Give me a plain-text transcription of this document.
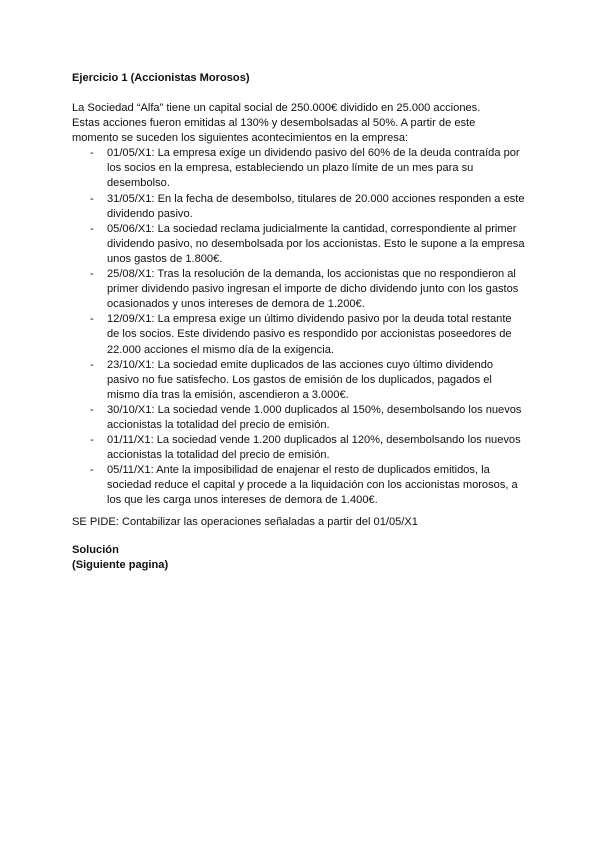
Ejercicio 1 (Accionistas Morosos)

La Sociedad “Alfa” tiene un capital social de 250.000€ dividido en 25.000 acciones.
Estas acciones fueron emitidas al 130% y desembolsadas al 50%. A partir de este
momento se suceden los siguientes acontecimientos en la empresa:

- 01/05/X1: La empresa exige un dividendo pasivo del 60% de la deuda contraída por
los socios en la empresa, estableciendo un plazo límite de un mes para su
desembolso.
- 31/05/X1: En la fecha de desembolso, titulares de 20.000 acciones responden a este
dividendo pasivo.
- 05/06/X1: La sociedad reclama judicialmente la cantidad, correspondiente al primer
dividendo pasivo, no desembolsada por los accionistas. Esto le supone a la empresa
unos gastos de 1.800€.
- 25/08/X1: Tras la resolución de la demanda, los accionistas que no respondieron al
primer dividendo pasivo ingresan el importe de dicho dividendo junto con los gastos
ocasionados y unos intereses de demora de 1.200€.
- 12/09/X1: La empresa exige un último dividendo pasivo por la deuda total restante
de los socios. Este dividendo pasivo es respondido por accionistas poseedores de
22.000 acciones el mismo día de la exigencia.
- 23/10/X1: La sociedad emite duplicados de las acciones cuyo último dividendo
pasivo no fue satisfecho. Los gastos de emisión de los duplicados, pagados el
mismo día tras la emisión, ascendieron a 3.000€.
- 30/10/X1: La sociedad vende 1.000 duplicados al 150%, desembolsando los nuevos
accionistas la totalidad del precio de emisión.
- 01/11/X1: La sociedad vende 1.200 duplicados al 120%, desembolsando los nuevos
accionistas la totalidad del precio de emisión.
- 05/11/X1: Ante la imposibilidad de enajenar el resto de duplicados emitidos, la
sociedad reduce el capital y procede a la liquidación con los accionistas morosos, a
los que les carga unos intereses de demora de 1.400€.

SE PIDE: Contabilizar las operaciones señaladas a partir del 01/05/X1

Solución

(Siguiente pagina)
